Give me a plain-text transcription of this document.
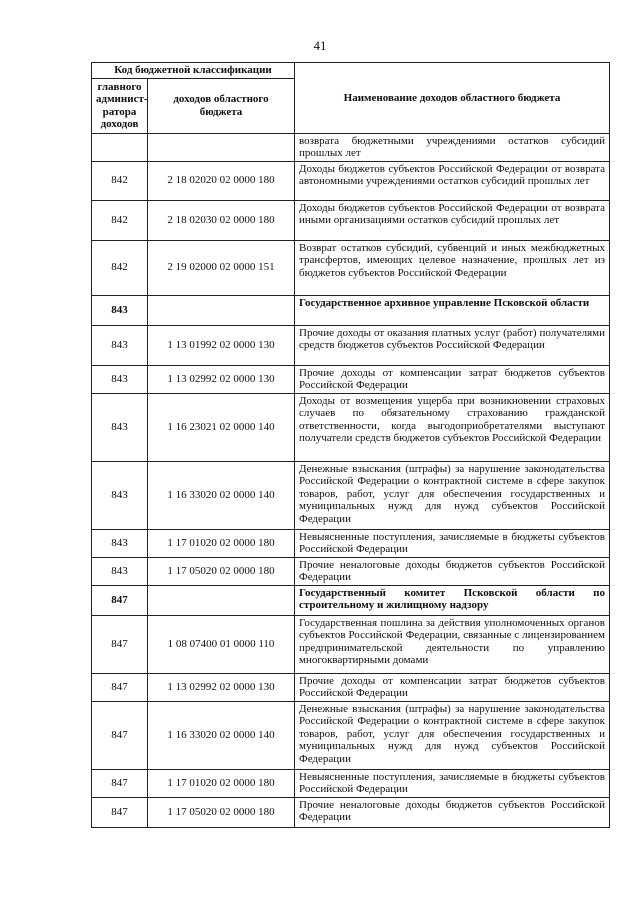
41
Код бюджетной классификации		Наименование доходов областного бюджета
главного админист-ратора доходов	доходов областного бюджета	
		возврата бюджетными учреждениями остатков субсидий прошлых лет
842	2 18 02020 02 0000 180	Доходы бюджетов субъектов Российской Федерации от возврата автономными учреждениями остатков субсидий прошлых лет
842	2 18 02030 02 0000 180	Доходы бюджетов субъектов Российской Федерации от возврата иными организациями остатков субсидий прошлых лет
842	2 19 02000 02 0000 151	Возврат остатков субсидий, субвенций и иных межбюджетных трансфертов, имеющих целевое назначение, прошлых лет из бюджетов субъектов Российской Федерации
843		Государственное архивное управление Псковской области
843	1 13 01992 02 0000 130	Прочие доходы от оказания платных услуг (работ) получателями средств бюджетов субъектов Российской Федерации
843	1 13 02992 02 0000 130	Прочие доходы от компенсации затрат бюджетов субъектов Российской Федерации
843	1 16 23021 02 0000 140	Доходы от возмещения ущерба при возникновении страховых случаев по обязательному страхованию гражданской ответственности, когда выгодоприобретателями выступают получатели средств бюджетов субъектов Российской Федерации
843	1 16 33020 02 0000 140	Денежные взыскания (штрафы) за нарушение законодательства Российской Федерации о контрактной системе в сфере закупок товаров, работ, услуг для обеспечения государственных и муниципальных нужд для нужд субъектов Российской Федерации
843	1 17 01020 02 0000 180	Невыясненные поступления, зачисляемые в бюджеты субъектов Российской Федерации
843	1 17 05020 02 0000 180	Прочие неналоговые доходы бюджетов субъектов Российской Федерации
847		Государственный комитет Псковской области по строительному и жилищному надзору
847	1 08 07400 01 0000 110	Государственная пошлина за действия уполномоченных органов субъектов Российской Федерации, связанные с лицензированием предпринимательской деятельности по управлению многоквартирными домами
847	1 13 02992 02 0000 130	Прочие доходы от компенсации затрат бюджетов субъектов Российской Федерации
847	1 16 33020 02 0000 140	Денежные взыскания (штрафы) за нарушение законодательства Российской Федерации о контрактной системе в сфере закупок товаров, работ, услуг для обеспечения государственных и муниципальных нужд для нужд субъектов Российской Федерации
847	1 17 01020 02 0000 180	Невыясненные поступления, зачисляемые в бюджеты субъектов Российской Федерации
847	1 17 05020 02 0000 180	Прочие неналоговые доходы бюджетов субъектов Российской Федерации
